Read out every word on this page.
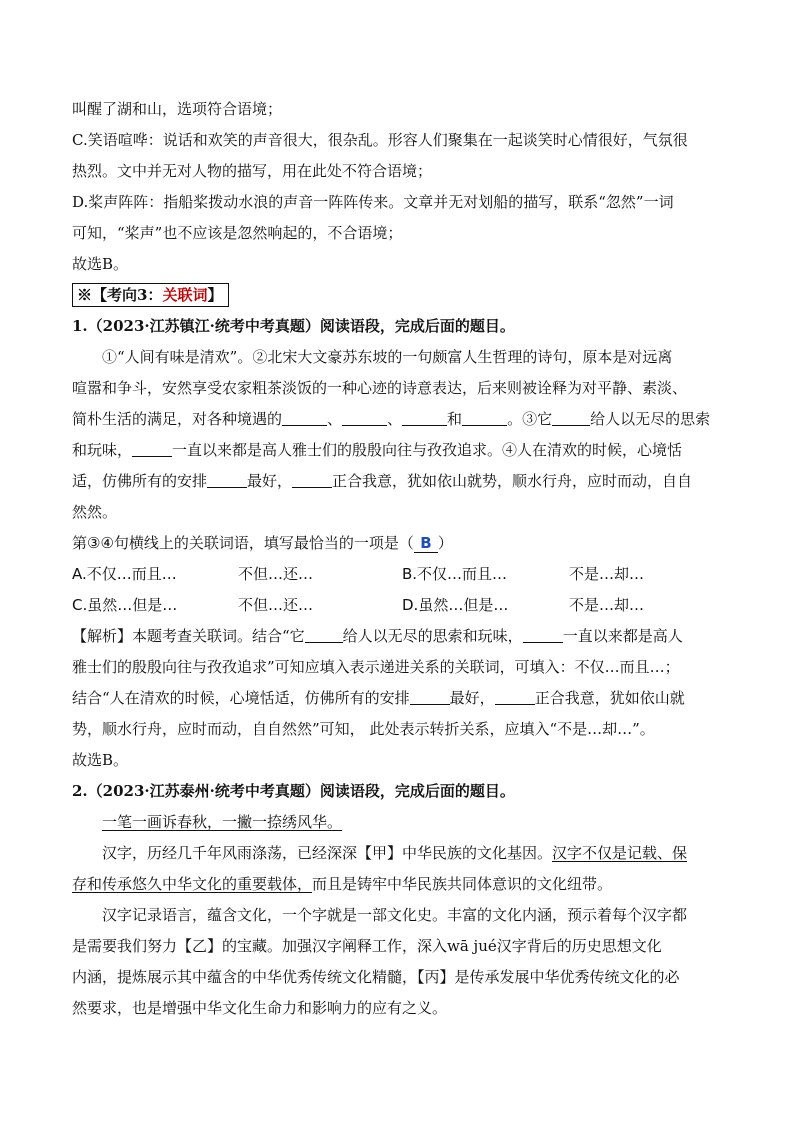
叫醒了湖和山，选项符合语境；
C.笑语喧哗：说话和欢笑的声音很大，很杂乱。形容人们聚集在一起谈笑时心情很好，气氛很
热烈。文中并无对人物的描写，用在此处不符合语境；
D.桨声阵阵：指船桨拨动水浪的声音一阵阵传来。文章并无对划船的描写，联系“忽然”一词
可知，“桨声”也不应该是忽然响起的，不合语境；
故选B。
※【考向3：关联词】
1.（2023·江苏镇江·统考中考真题）阅读语段，完成后面的题目。
①“人间有味是清欢”。②北宋大文豪苏东坡的一句颇富人生哲理的诗句，原本是对远离
喧嚣和争斗，安然享受农家粗茶淡饭的一种心迹的诗意表达，后来则被诠释为对平静、素淡、
简朴生活的满足，对各种境遇的	、	、	和	。③它	给人以无尽的思索
和玩味，	一直以来都是高人雅士们的殷殷向往与孜孜追求。④人在清欢的时候，心境恬
适，仿佛所有的安排	最好，	正合我意，犹如依山就势，顺水行舟，应时而动，自自
然然。
第③④句横线上的关联词语，填写最恰当的一项是（ B ）
A.不仅…而且…	不但…还…	B.不仅…而且…	不是…却…
C.虽然…但是…	不但…还…	D.虽然…但是…	不是…却…
【解析】本题考查关联词。结合“它	给人以无尽的思索和玩味，	一直以来都是高人
雅士们的殷殷向往与孜孜追求”可知应填入表示递进关系的关联词，可填入：不仅…而且…；
结合“人在清欢的时候，心境恬适，仿佛所有的安排	最好，	正合我意，犹如依山就
势，顺水行舟，应时而动，自自然然”可知， 此处表示转折关系，应填入“不是…却…”。
故选B。
2.（2023·江苏泰州·统考中考真题）阅读语段，完成后面的题目。
一笔一画诉春秋，一撇一捺绣风华。
汉字，历经几千年风雨涤荡，已经深深【甲】中华民族的文化基因。汉字不仅是记载、保
存和传承悠久中华文化的重要载体，而且是铸牢中华民族共同体意识的文化纽带。
汉字记录语言，蕴含文化，一个字就是一部文化史。丰富的文化内涵，预示着每个汉字都
是需要我们努力【乙】的宝藏。加强汉字阐释工作，深入wā jué汉字背后的历史思想文化
内涵，提炼展示其中蕴含的中华优秀传统文化精髓，【丙】是传承发展中华优秀传统文化的必
然要求，也是增强中华文化生命力和影响力的应有之义。
